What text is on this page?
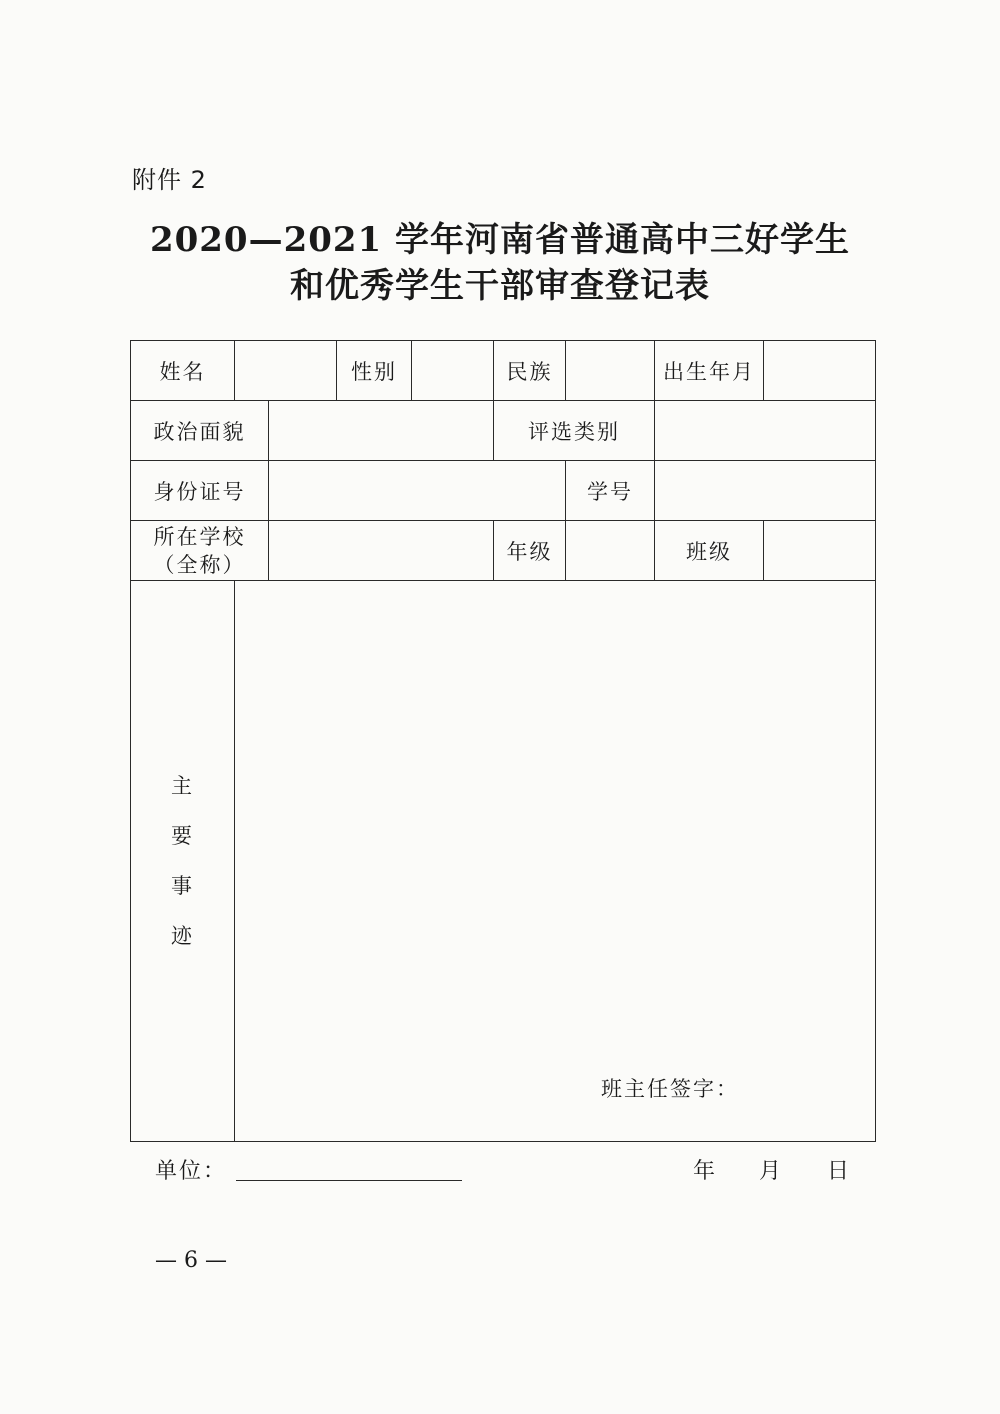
附件 2
2020—2021 学年河南省普通高中三好学生
和优秀学生干部审查登记表
姓名			性别		民族		出生年月	
政治面貌					评选类别			
身份证号						学号		

所在学校
（全称）					年级		班级	

主
要
事
迹	班主任签字：							
单位：	年 月 日
— 6 —
